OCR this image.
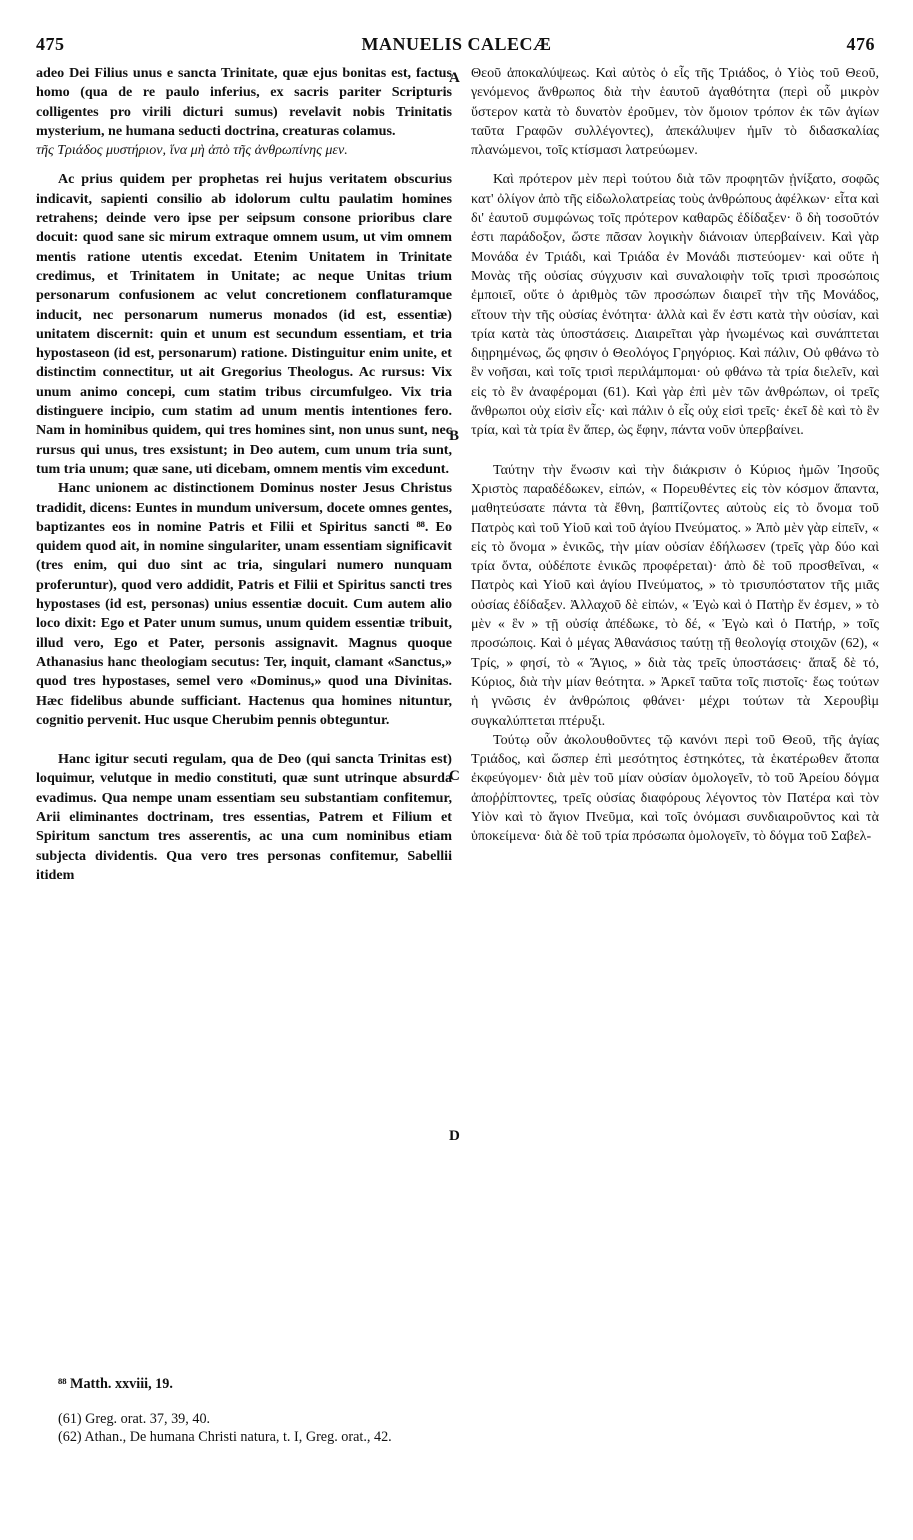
475	MANUELIS CALECÆ	476

adeo Dei Filius unus e sancta Trinitate, quæ ejus bonitas est, factus homo (qua de re paulo inferius, ex sacris pariter Scripturis colligentes pro virili dicturi sumus) revelavit nobis Trinitatis mysterium, ne humana seducti doctrina, creaturas colamus.

τῆς Τριάδος μυστήριον, ἵνα μὴ ἀπὸ τῆς ἀνθρωπίνης μεν.

Ac prius quidem per prophetas rei hujus veritatem obscurius indicavit, sapienti consilio ab idolorum cultu paulatim homines retrahens; deinde vero ipse per seipsum consone prioribus clare docuit: quod sane sic mirum extraque omnem usum, ut vim omnem mentis ratione utentis excedat. Etenim Unitatem in Trinitate credimus, et Trinitatem in Unitate; ac neque Unitas trium personarum confusionem ac velut concretionem conflaturamque inducit, nec personarum numerus monados (id est, essentiæ) unitatem discernit: quin et unum est secundum essentiam, et tria hypostaseon (id est, personarum) ratione. Distinguitur enim unite, et distinctim connectitur, ut ait Gregorius Theologus. Ac rursus: Vix unum animo concepi, cum statim tribus circumfulgeo. Vix tria distinguere incipio, cum statim ad unum mentis intentiones fero. Nam in hominibus quidem, qui tres homines sint, non unus sunt, nec rursus qui unus, tres exsistunt; in Deo autem, cum unum tria sunt, tum tria unum; quæ sane, uti dicebam, omnem mentis vim excedunt.

Hanc unionem ac distinctionem Dominus noster Jesus Christus tradidit, dicens: Euntes in mundum universum, docete omnes gentes, baptizantes eos in nomine Patris et Filii et Spiritus sancti ⁸⁸. Eo quidem quod ait, in nomine singulariter, unam essentiam significavit (tres enim, qui duo sint ac tria, singulari numero nunquam proferuntur), quod vero addidit, Patris et Filii et Spiritus sancti tres hypostases (id est, personas) unius essentiæ docuit. Cum autem alio loco dixit: Ego et Pater unum sumus, unum quidem essentiæ tribuit, illud vero, Ego et Pater, personis assignavit. Magnus quoque Athanasius hanc theologiam secutus: Ter, inquit, clamant «Sanctus,» quod tres hypostases, semel vero «Dominus,» quod una Divinitas. Hæc fidelibus abunde sufficiant. Hactenus qua homines nituntur, cognitio pervenit. Huc usque Cherubim pennis obteguntur.

Hanc igitur secuti regulam, qua de Deo (qui sancta Trinitas est) loquimur, velutque in medio constituti, quæ sunt utrinque absurda evadimus. Qua nempe unam essentiam seu substantiam confitemur, Arii eliminantes doctrinam, tres essentias, Patrem et Filium et Spiritum sanctum tres asserentis, ac una cum nominibus etiam subjecta dividentis. Qua vero tres personas confitemur, Sabellii itidem

A
B
C
D

Θεοῦ ἀποκαλύψεως. Καὶ αὐτὸς ὁ εἷς τῆς Τριάδος, ὁ Υἱὸς τοῦ Θεοῦ, γενόμενος ἄνθρωπος διὰ τὴν ἑαυτοῦ ἀγαθότητα (περὶ οὗ μικρὸν ὕστερον κατὰ τὸ δυνατὸν ἐροῦμεν, τὸν ὅμοιον τρόπον ἐκ τῶν ἁγίων ταῦτα Γραφῶν συλλέγοντες), ἀπεκάλυψεν ἡμῖν τὸ διδασκαλίας πλανώμενοι, τοῖς κτίσμασι λατρεύωμεν.

Καὶ πρότερον μὲν περὶ τούτου διὰ τῶν προφητῶν ᾐνίξατο, σοφῶς κατ' ὀλίγον ἀπὸ τῆς εἰδωλολατρείας τοὺς ἀνθρώπους ἀφέλκων· εἶτα καὶ δι' ἑαυτοῦ συμφώνως τοῖς πρότερον καθαρῶς ἐδίδαξεν· ὃ δὴ τοσοῦτόν ἐστι παράδοξον, ὥστε πᾶσαν λογικὴν διάνοιαν ὑπερβαίνειν. Καὶ γὰρ Μονάδα ἐν Τριάδι, καὶ Τριάδα ἐν Μονάδι πιστεύομεν· καὶ οὔτε ἡ Μονὰς τῆς οὐσίας σύγχυσιν καὶ συναλοιφὴν τοῖς τρισὶ προσώποις ἐμποιεῖ, οὔτε ὁ ἀριθμὸς τῶν προσώπων διαιρεῖ τὴν τῆς Μονάδος, εἴτουν τὴν τῆς οὐσίας ἑνότητα· ἀλλὰ καὶ ἕν ἐστι κατὰ τὴν οὐσίαν, καὶ τρία κατὰ τὰς ὑποστάσεις. Διαιρεῖται γὰρ ἡνωμένως καὶ συνάπτεται διῃρημένως, ὥς φησιν ὁ Θεολόγος Γρηγόριος. Καὶ πάλιν, Οὐ φθάνω τὸ ἓν νοῆσαι, καὶ τοῖς τρισὶ περιλάμπομαι· οὐ φθάνω τὰ τρία διελεῖν, καὶ εἰς τὸ ἓν ἀναφέρομαι (61). Καὶ γὰρ ἐπὶ μὲν τῶν ἀνθρώπων, οἱ τρεῖς ἄνθρωποι οὐχ εἰσὶν εἷς· καὶ πάλιν ὁ εἷς οὐχ εἰσὶ τρεῖς· ἐκεῖ δὲ καὶ τὸ ἓν τρία, καὶ τὰ τρία ἓν ἅπερ, ὡς ἔφην, πάντα νοῦν ὑπερβαίνει.

Ταύτην τὴν ἕνωσιν καὶ τὴν διάκρισιν ὁ Κύριος ἡμῶν Ἰησοῦς Χριστὸς παραδέδωκεν, εἰπών, « Πορευθέντες εἰς τὸν κόσμον ἅπαντα, μαθητεύσατε πάντα τὰ ἔθνη, βαπτίζοντες αὐτοὺς εἰς τὸ ὄνομα τοῦ Πατρὸς καὶ τοῦ Υἱοῦ καὶ τοῦ ἁγίου Πνεύματος. » Ἀπὸ μὲν γὰρ εἰπεῖν, « εἰς τὸ ὄνομα » ἑνικῶς, τὴν μίαν οὐσίαν ἐδήλωσεν (τρεῖς γὰρ δύο καὶ τρία ὄντα, οὐδέποτε ἑνικῶς προφέρεται)· ἀπὸ δὲ τοῦ προσθεῖναι, « Πατρὸς καὶ Υἱοῦ καὶ ἁγίου Πνεύματος, » τὸ τρισυπόστατον τῆς μιᾶς οὐσίας ἐδίδαξεν. Ἀλλαχοῦ δὲ εἰπών, « Ἐγὼ καὶ ὁ Πατὴρ ἕν ἐσμεν, » τὸ μὲν « ἓν » τῇ οὐσίᾳ ἀπέδωκε, τὸ δέ, « Ἐγὼ καὶ ὁ Πατήρ, » τοῖς προσώποις. Καὶ ὁ μέγας Ἀθανάσιος ταύτῃ τῇ θεολογίᾳ στοιχῶν (62), « Τρίς, » φησί, τὸ « Ἅγιος, » διὰ τὰς τρεῖς ὑποστάσεις· ἅπαξ δὲ τό, Κύριος, διὰ τὴν μίαν θεότητα. » Ἀρκεῖ ταῦτα τοῖς πιστοῖς· ἕως τούτων ἡ γνῶσις ἐν ἀνθρώποις φθάνει· μέχρι τούτων τὰ Χερουβὶμ συγκαλύπτεται πτέρυξι.

Τούτῳ οὖν ἀκολουθοῦντες τῷ κανόνι περὶ τοῦ Θεοῦ, τῆς ἁγίας Τριάδος, καὶ ὥσπερ ἐπὶ μεσότητος ἑστηκότες, τὰ ἑκατέρωθεν ἄτοπα ἐκφεύγομεν· διὰ μὲν τοῦ μίαν οὐσίαν ὁμολογεῖν, τὸ τοῦ Ἀρείου δόγμα ἀποῤῥίπτοντες, τρεῖς οὐσίας διαφόρους λέγοντος τὸν Πατέρα καὶ τὸν Υἱὸν καὶ τὸ ἅγιον Πνεῦμα, καὶ τοῖς ὀνόμασι συνδιαιροῦντος καὶ τὰ ὑποκείμενα· διὰ δὲ τοῦ τρία πρόσωπα ὁμολογεῖν, τὸ δόγμα τοῦ Σαβελ-

⁸⁸ Matth. xxviii, 19.
(61) Greg. orat. 37, 39, 40.
(62) Athan., De humana Christi natura, t. I, Greg. orat., 42.
